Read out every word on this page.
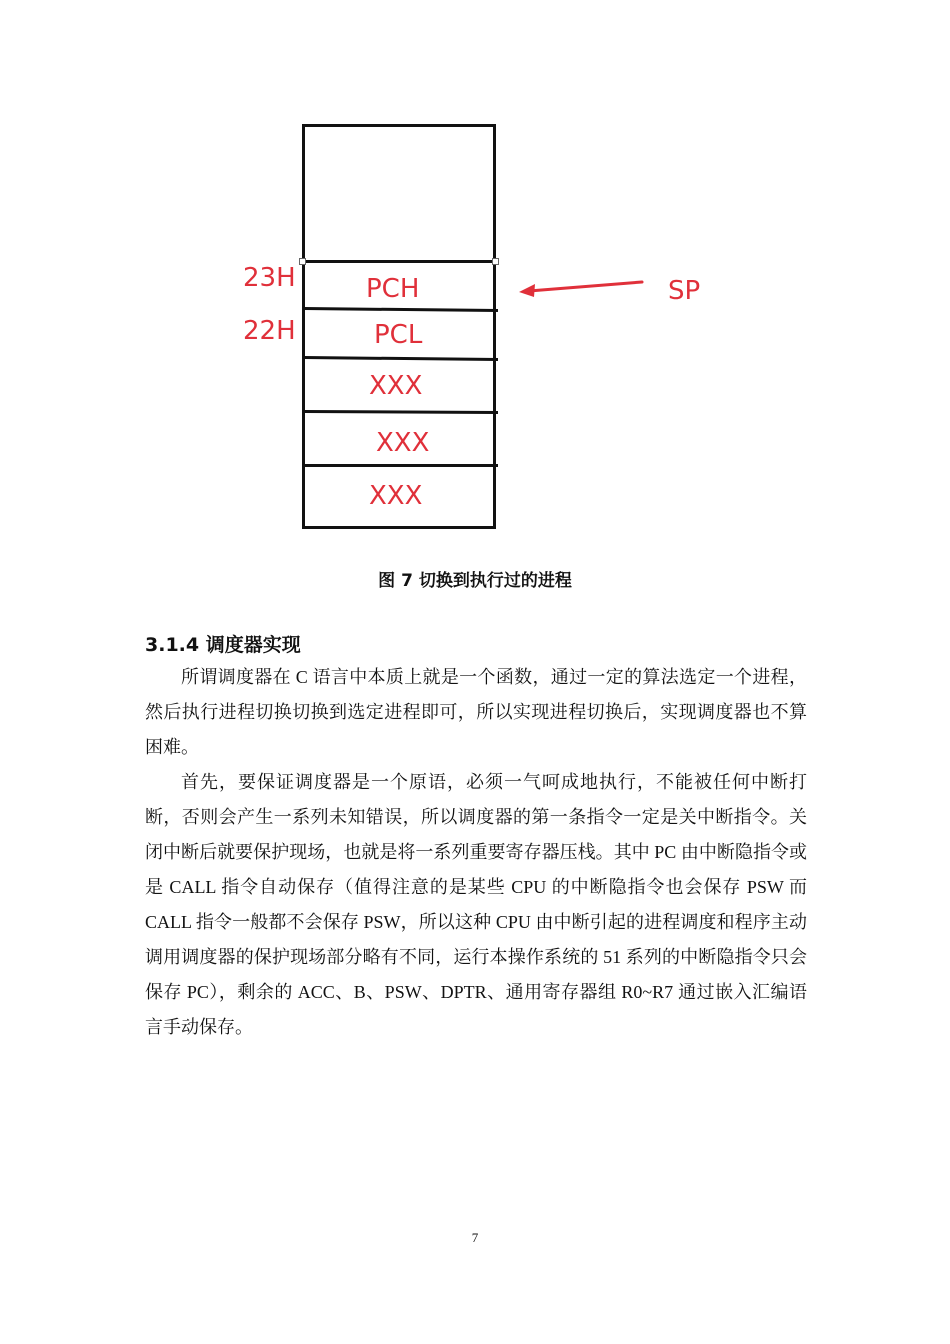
PCH
PCL
XXX
XXX
XXX
23H
22H
SP
图 7 切换到执行过的进程
3.1.4 调度器实现

所谓调度器在 C 语言中本质上就是一个函数，通过一定的算法选定一个进程，然后执行进程切换切换到选定进程即可，所以实现进程切换后，实现调度器也不算困难。

首先，要保证调度器是一个原语，必须一气呵成地执行，不能被任何中断打断，否则会产生一系列未知错误，所以调度器的第一条指令一定是关中断指令。关闭中断后就要保护现场，也就是将一系列重要寄存器压栈。其中 PC 由中断隐指令或是 CALL 指令自动保存（值得注意的是某些 CPU 的中断隐指令也会保存 PSW 而 CALL 指令一般都不会保存 PSW，所以这种 CPU 由中断引起的进程调度和程序主动调用调度器的保护现场部分略有不同，运行本操作系统的 51 系列的中断隐指令只会保存 PC），剩余的 ACC、B、PSW、DPTR、通用寄存器组 R0~R7 通过嵌入汇编语言手动保存。

7
